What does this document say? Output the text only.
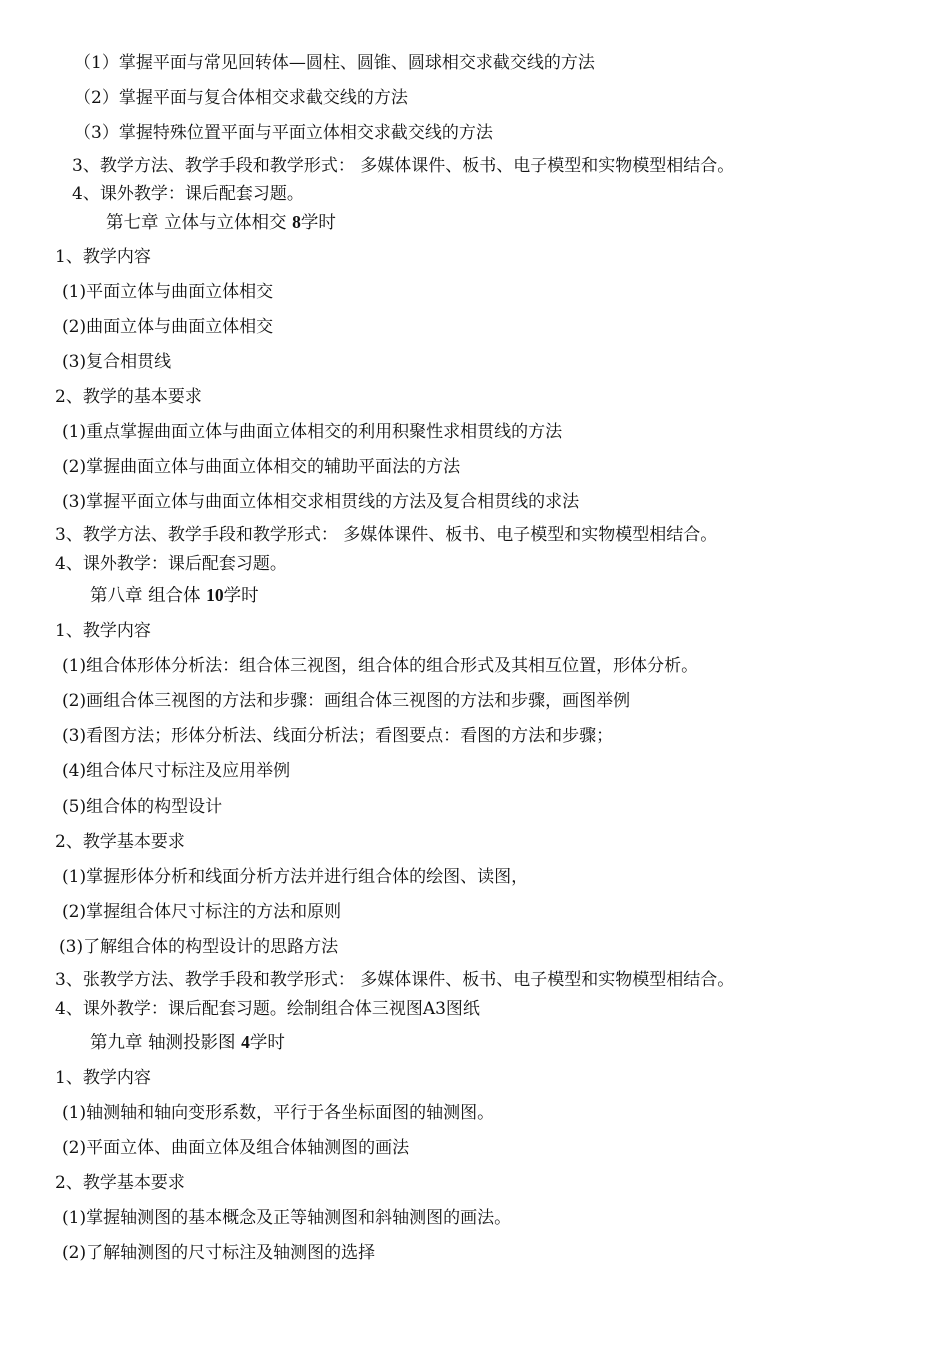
（1）掌握平面与常见回转体—圆柱、圆锥、圆球相交求截交线的方法
（2）掌握平面与复合体相交求截交线的方法
（3）掌握特殊位置平面与平面立体相交求截交线的方法
3、教学方法、教学手段和教学形式： 多媒体课件、板书、电子模型和实物模型相结合。
4、课外教学：课后配套习题。
第七章 立体与立体相交 8学时
1、教学内容
(1)平面立体与曲面立体相交
(2)曲面立体与曲面立体相交
(3)复合相贯线
2、教学的基本要求
(1)重点掌握曲面立体与曲面立体相交的利用积聚性求相贯线的方法
(2)掌握曲面立体与曲面立体相交的辅助平面法的方法
(3)掌握平面立体与曲面立体相交求相贯线的方法及复合相贯线的求法
3、教学方法、教学手段和教学形式： 多媒体课件、板书、电子模型和实物模型相结合。
4、课外教学：课后配套习题。
第八章 组合体 10学时
1、教学内容
(1)组合体形体分析法：组合体三视图，组合体的组合形式及其相互位置，形体分析。
(2)画组合体三视图的方法和步骤：画组合体三视图的方法和步骤，画图举例
(3)看图方法；形体分析法、线面分析法；看图要点：看图的方法和步骤；
(4)组合体尺寸标注及应用举例
(5)组合体的构型设计
2、教学基本要求
(1)掌握形体分析和线面分析方法并进行组合体的绘图、读图，
(2)掌握组合体尺寸标注的方法和原则
(3)了解组合体的构型设计的思路方法
3、张教学方法、教学手段和教学形式： 多媒体课件、板书、电子模型和实物模型相结合。
4、课外教学：课后配套习题。绘制组合体三视图A3图纸
第九章 轴测投影图 4学时
1、教学内容
(1)轴测轴和轴向变形系数，平行于各坐标面图的轴测图。
(2)平面立体、曲面立体及组合体轴测图的画法
2、教学基本要求
(1)掌握轴测图的基本概念及正等轴测图和斜轴测图的画法。
(2)了解轴测图的尺寸标注及轴测图的选择
